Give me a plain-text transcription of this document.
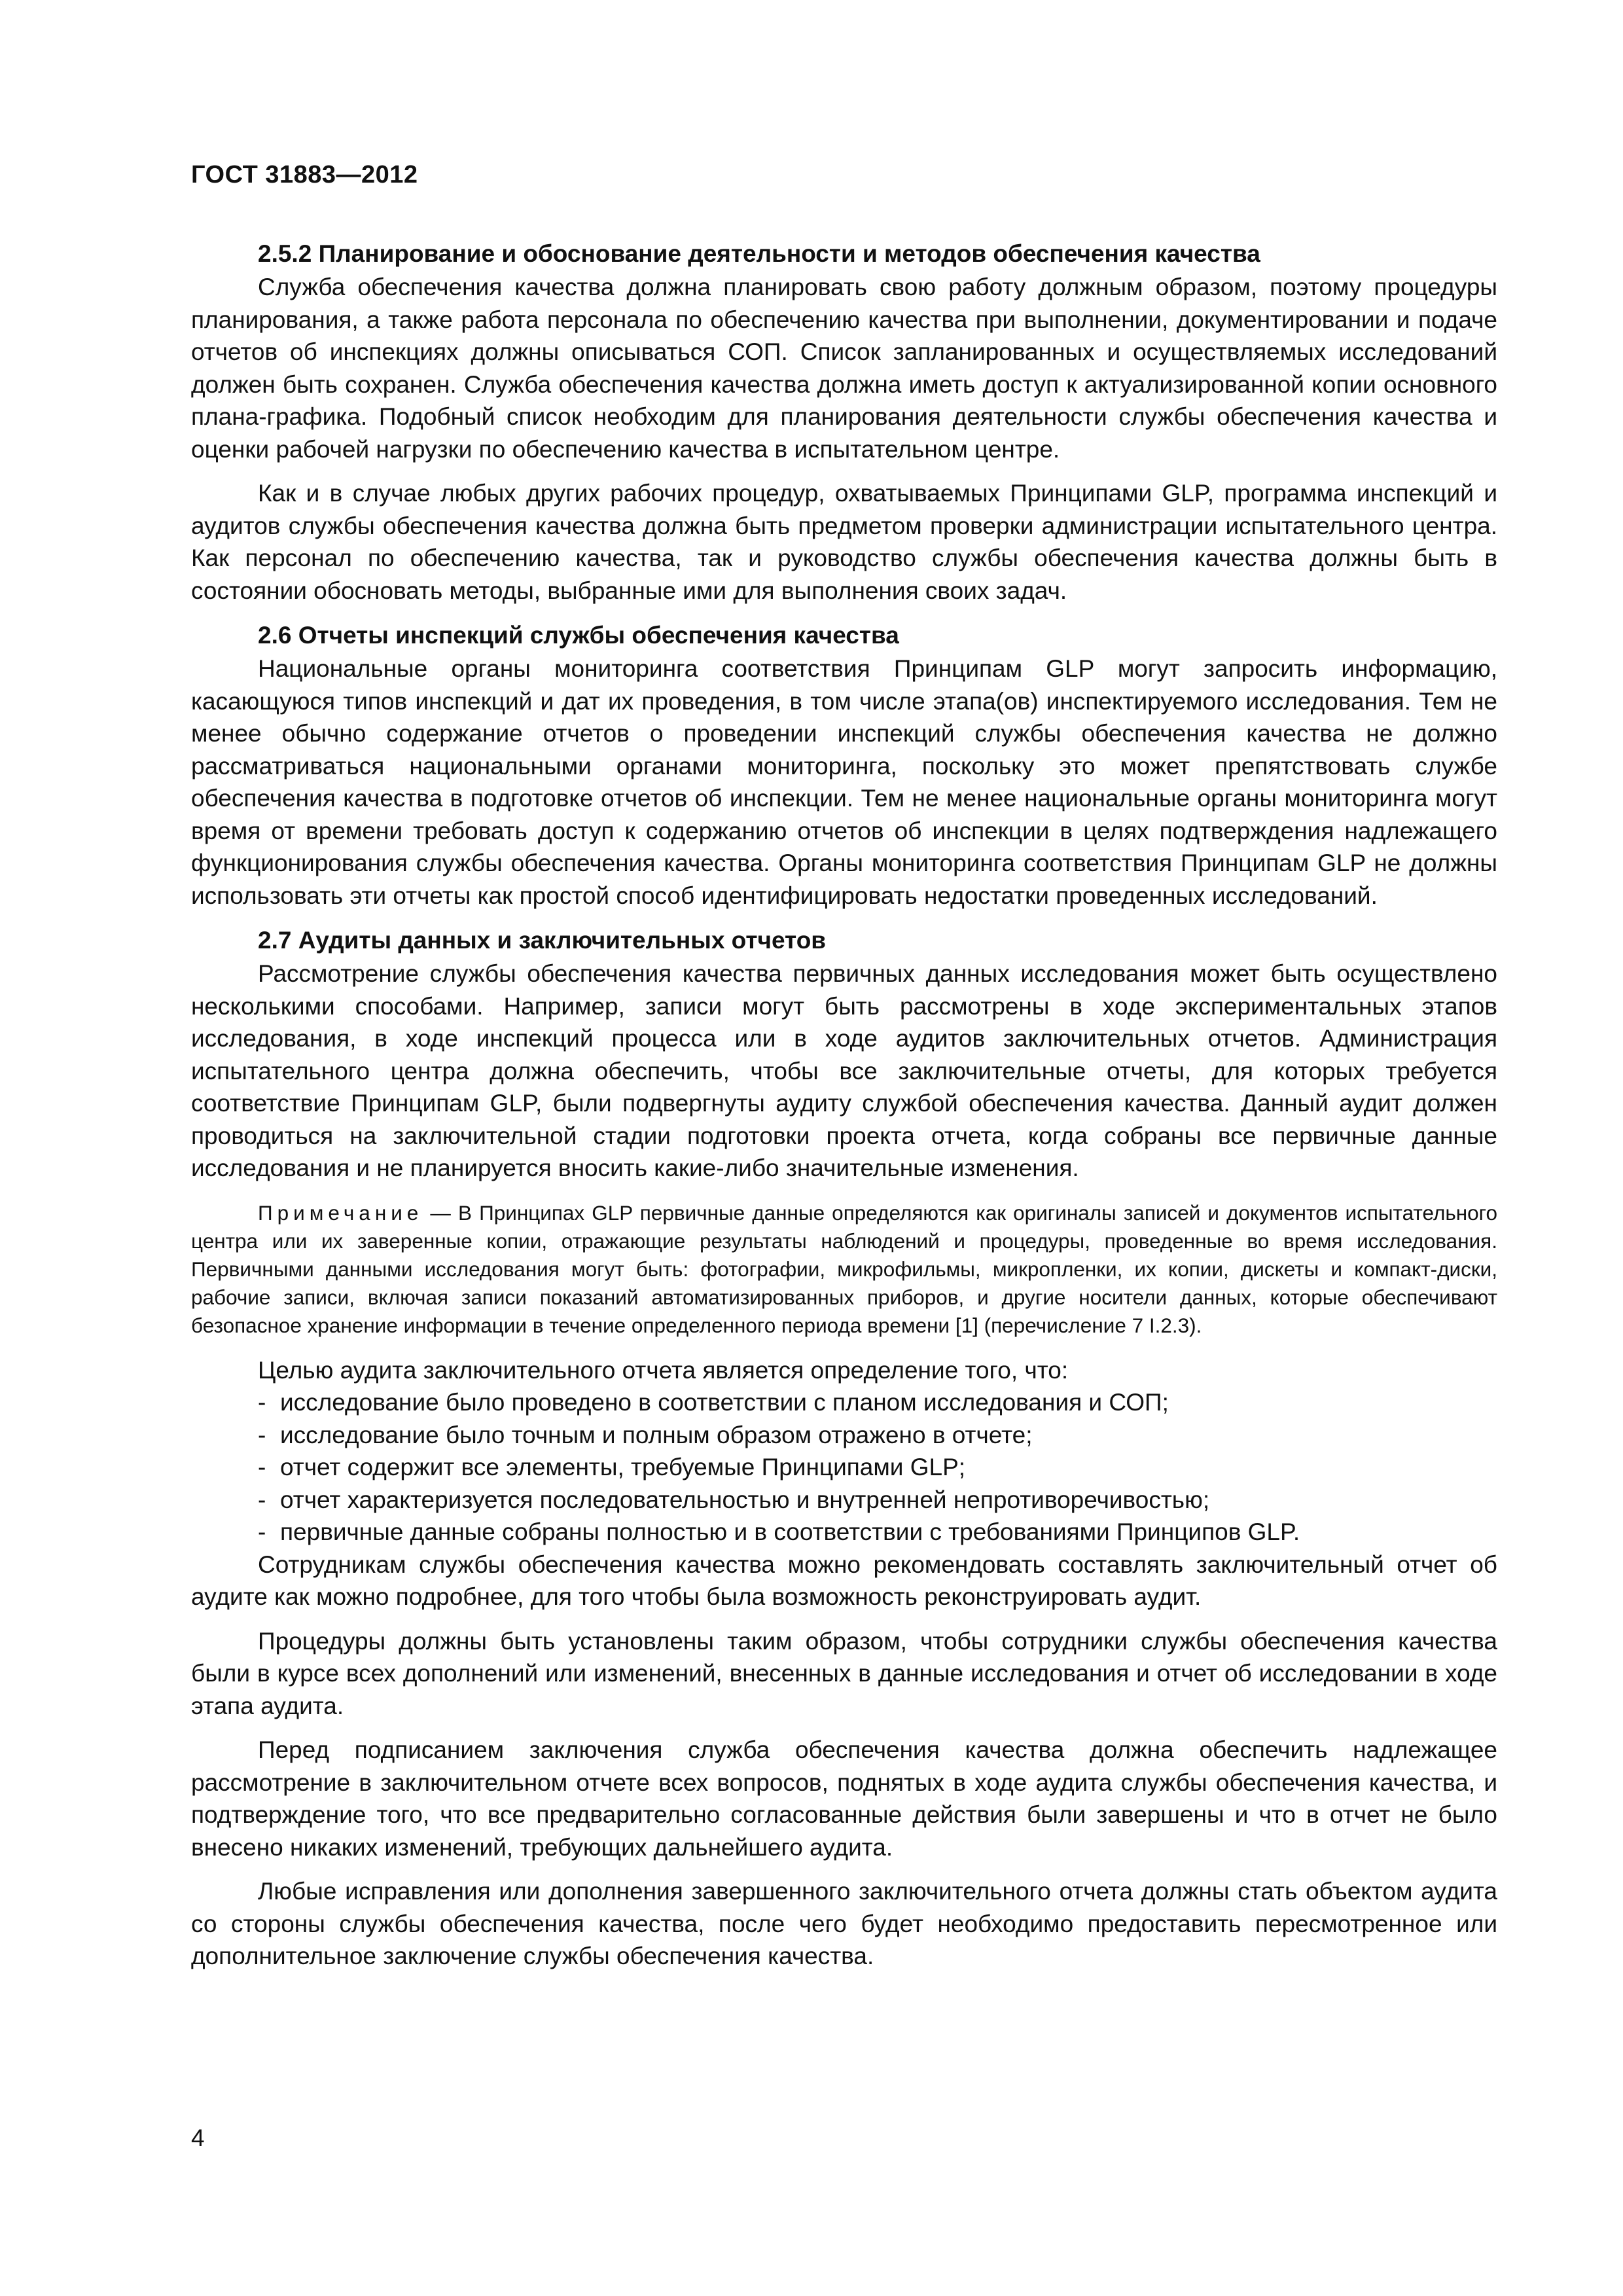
ГОСТ 31883—2012
2.5.2 Планирование и обоснование деятельности и методов обеспечения качества

Служба обеспечения качества должна планировать свою работу должным образом, поэтому процедуры планирования, а также работа персонала по обеспечению качества при выполнении, документировании и подаче отчетов об инспекциях должны описываться СОП. Список запланированных и осуществляемых исследований должен быть сохранен. Служба обеспечения качества должна иметь доступ к актуализированной копии основного плана-графика. Подобный список необходим для планирования деятельности службы обеспечения качества и оценки рабочей нагрузки по обеспечению качества в испытательном центре.

Как и в случае любых других рабочих процедур, охватываемых Принципами GLP, программа инспекций и аудитов службы обеспечения качества должна быть предметом проверки администрации испытательного центра. Как персонал по обеспечению качества, так и руководство службы обеспечения качества должны быть в состоянии обосновать методы, выбранные ими для выполнения своих задач.

2.6 Отчеты инспекций службы обеспечения качества

Национальные органы мониторинга соответствия Принципам GLP могут запросить информацию, касающуюся типов инспекций и дат их проведения, в том числе этапа(ов) инспектируемого исследования. Тем не менее обычно содержание отчетов о проведении инспекций службы обеспечения качества не должно рассматриваться национальными органами мониторинга, поскольку это может препятствовать службе обеспечения качества в подготовке отчетов об инспекции. Тем не менее национальные органы мониторинга могут время от времени требовать доступ к содержанию отчетов об инспекции в целях подтверждения надлежащего функционирования службы обеспечения качества. Органы мониторинга соответствия Принципам GLP не должны использовать эти отчеты как простой способ идентифицировать недостатки проведенных исследований.

2.7 Аудиты данных и заключительных отчетов

Рассмотрение службы обеспечения качества первичных данных исследования может быть осуществлено несколькими способами. Например, записи могут быть рассмотрены в ходе экспериментальных этапов исследования, в ходе инспекций процесса или в ходе аудитов заключительных отчетов. Администрация испытательного центра должна обеспечить, чтобы все заключительные отчеты, для которых требуется соответствие Принципам GLP, были подвергнуты аудиту службой обеспечения качества. Данный аудит должен проводиться на заключительной стадии подготовки проекта отчета, когда собраны все первичные данные исследования и не планируется вносить какие-либо значительные изменения.

Примечание — В Принципах GLP первичные данные определяются как оригиналы записей и документов испытательного центра или их заверенные копии, отражающие результаты наблюдений и процедуры, проведенные во время исследования. Первичными данными исследования могут быть: фотографии, микрофильмы, микропленки, их копии, дискеты и компакт-диски, рабочие записи, включая записи показаний автоматизированных приборов, и другие носители данных, которые обеспечивают безопасное хранение информации в течение определенного периода времени [1] (перечисление 7 I.2.3).

Целью аудита заключительного отчета является определение того, что:

- исследование было проведено в соответствии с планом исследования и СОП;
- исследование было точным и полным образом отражено в отчете;
- отчет содержит все элементы, требуемые Принципами GLP;
- отчет характеризуется последовательностью и внутренней непротиворечивостью;
- первичные данные собраны полностью и в соответствии с требованиями Принципов GLP.

Сотрудникам службы обеспечения качества можно рекомендовать составлять заключительный отчет об аудите как можно подробнее, для того чтобы была возможность реконструировать аудит.

Процедуры должны быть установлены таким образом, чтобы сотрудники службы обеспечения качества были в курсе всех дополнений или изменений, внесенных в данные исследования и отчет об исследовании в ходе этапа аудита.

Перед подписанием заключения служба обеспечения качества должна обеспечить надлежащее рассмотрение в заключительном отчете всех вопросов, поднятых в ходе аудита службы обеспечения качества, и подтверждение того, что все предварительно согласованные действия были завершены и что в отчет не было внесено никаких изменений, требующих дальнейшего аудита.

Любые исправления или дополнения завершенного заключительного отчета должны стать объектом аудита со стороны службы обеспечения качества, после чего будет необходимо предоставить пересмотренное или дополнительное заключение службы обеспечения качества.

4
